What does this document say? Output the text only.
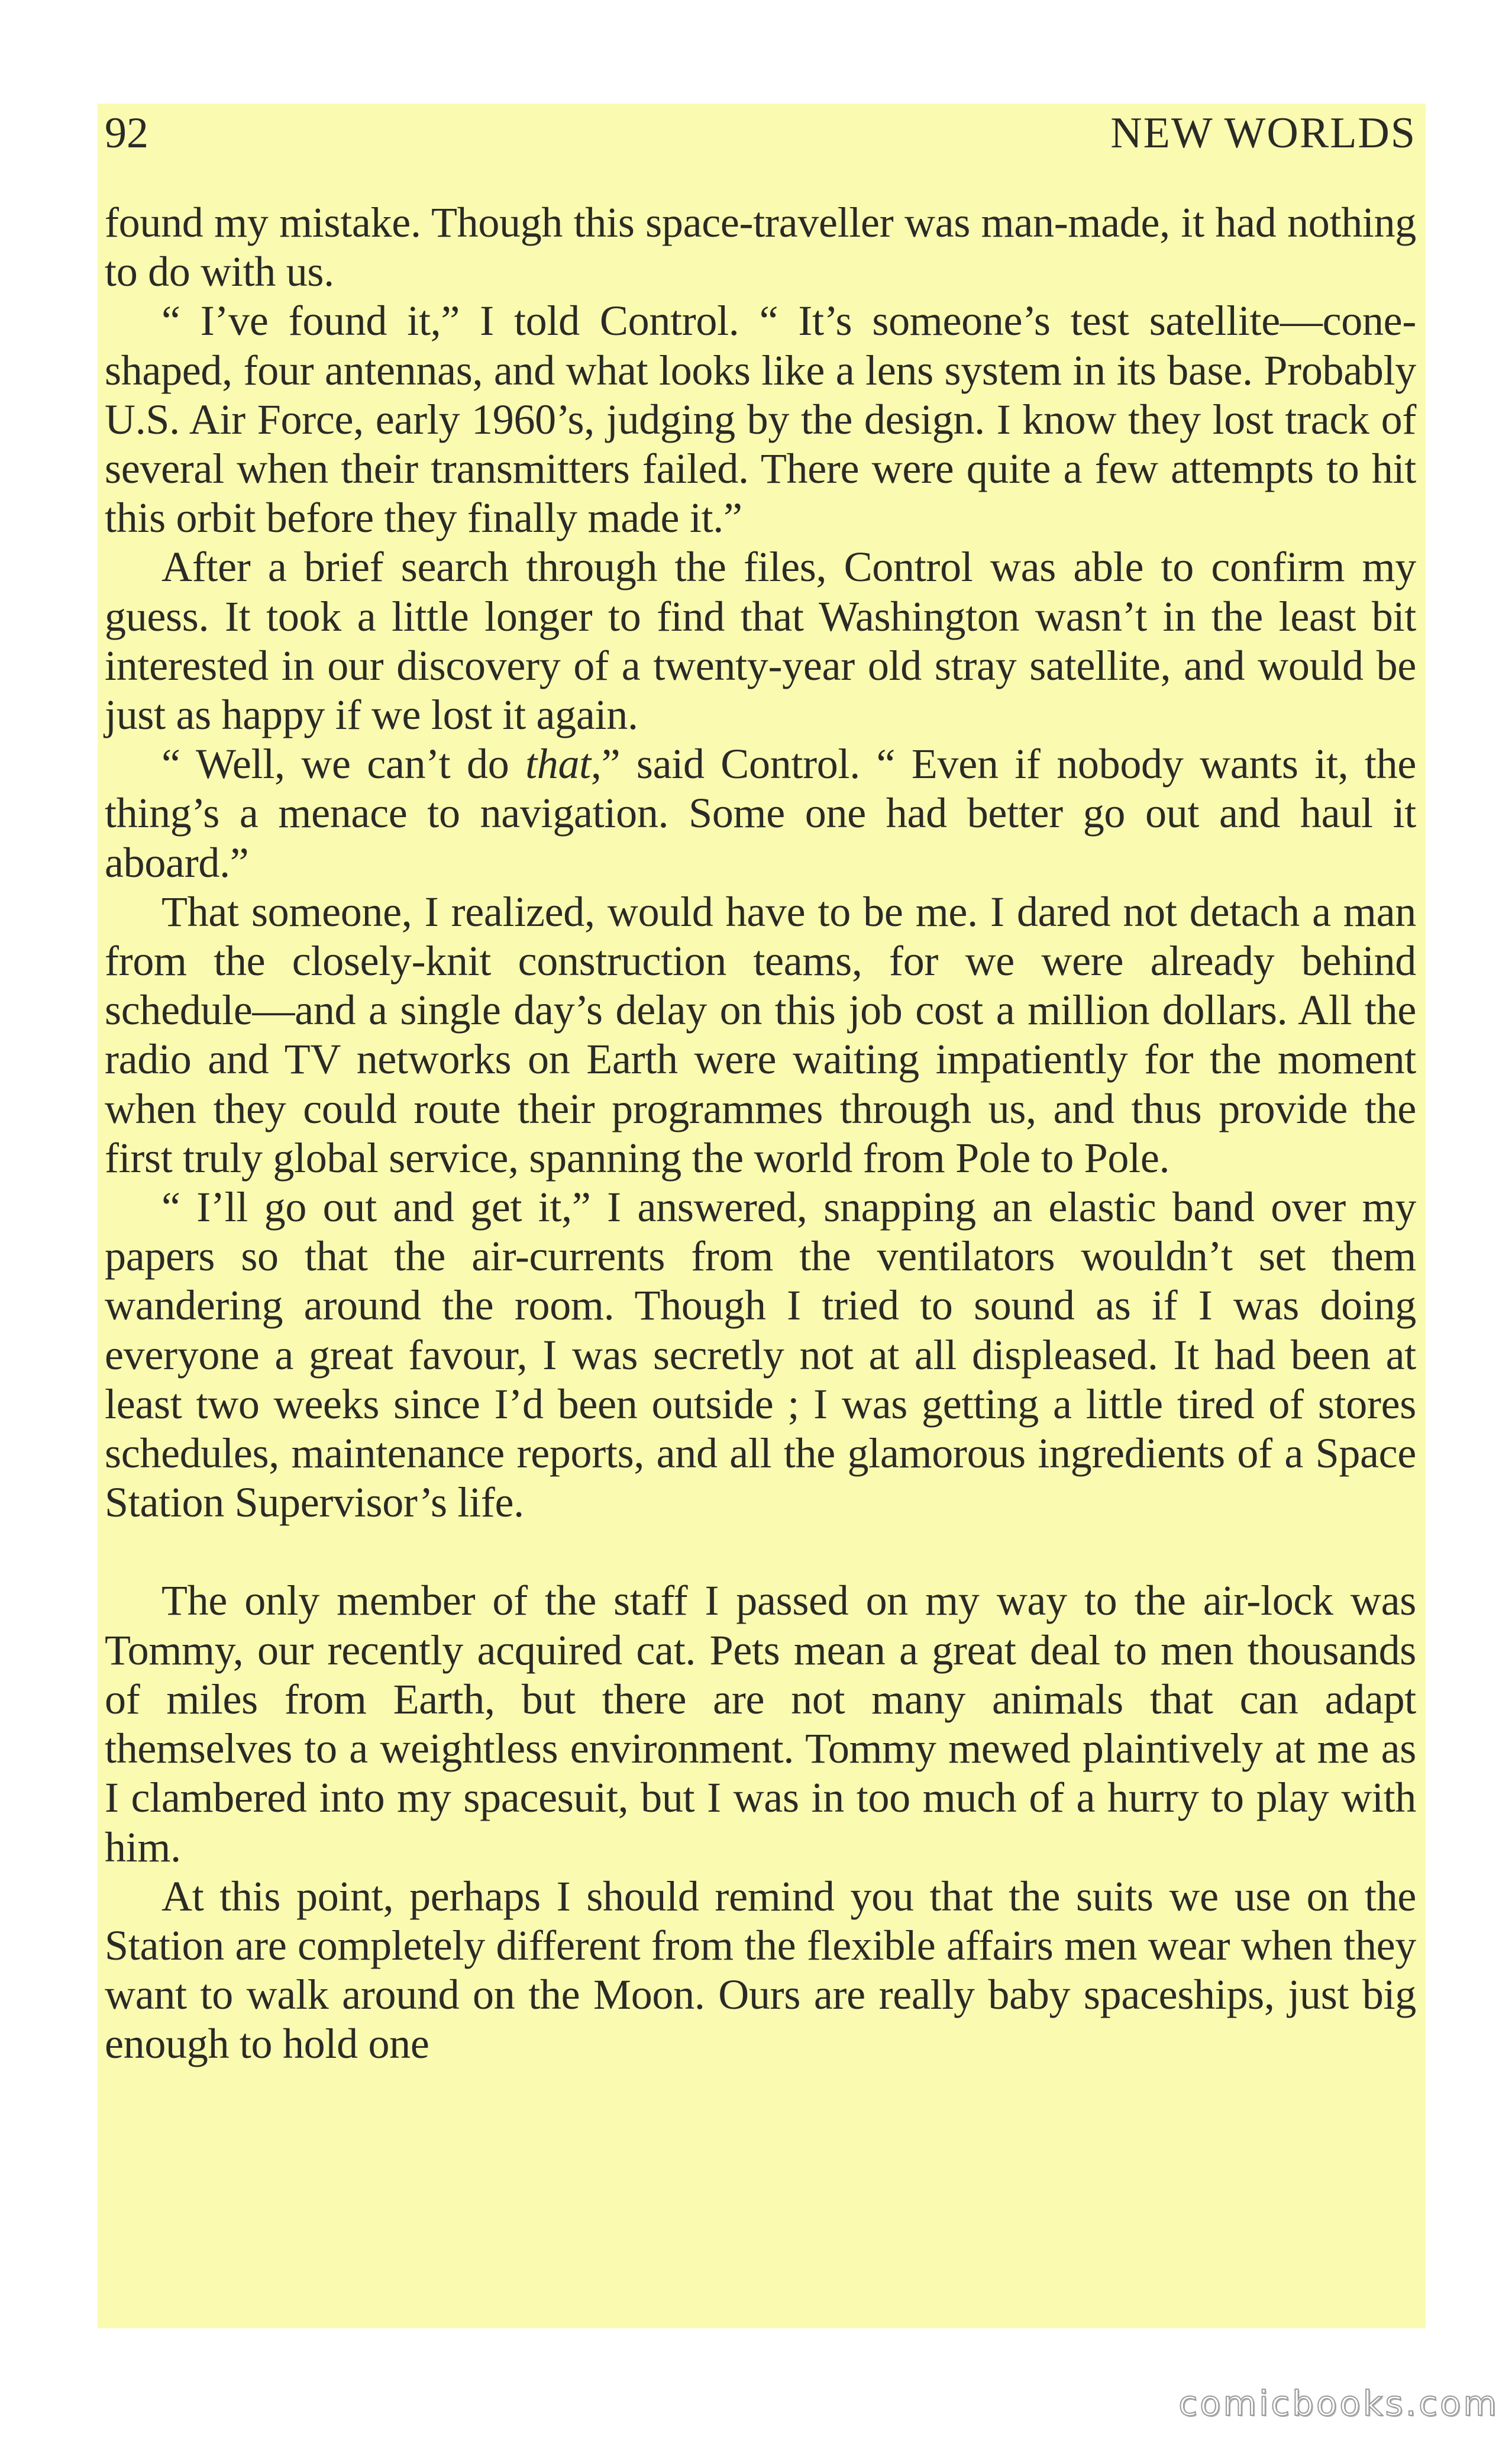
92	NEW WORLDS

found my mistake. Though this space-traveller was man-made, it had nothing to do with us.

“ I’ve found it,” I told Control. “ It’s someone’s test satellite—cone-shaped, four antennas, and what looks like a lens system in its base. Probably U.S. Air Force, early 1960’s, judging by the design. I know they lost track of several when their transmitters failed. There were quite a few attempts to hit this orbit before they finally made it.”

After a brief search through the files, Control was able to confirm my guess. It took a little longer to find that Washington wasn’t in the least bit interested in our discovery of a twenty-year old stray satellite, and would be just as happy if we lost it again.

“ Well, we can’t do that,” said Control. “ Even if nobody wants it, the thing’s a menace to navigation. Some one had better go out and haul it aboard.”

That someone, I realized, would have to be me. I dared not detach a man from the closely-knit construction teams, for we were already behind schedule—and a single day’s delay on this job cost a million dollars. All the radio and TV networks on Earth were waiting impatiently for the moment when they could route their programmes through us, and thus provide the first truly global service, spanning the world from Pole to Pole.

“ I’ll go out and get it,” I answered, snapping an elastic band over my papers so that the air-currents from the ventilators wouldn’t set them wandering around the room. Though I tried to sound as if I was doing everyone a great favour, I was secretly not at all displeased. It had been at least two weeks since I’d been outside ; I was getting a little tired of stores schedules, maintenance reports, and all the glamorous ingredients of a Space Station Supervisor’s life.

The only member of the staff I passed on my way to the air-lock was Tommy, our recently acquired cat. Pets mean a great deal to men thousands of miles from Earth, but there are not many animals that can adapt themselves to a weightless environment. Tommy mewed plaintively at me as I clambered into my spacesuit, but I was in too much of a hurry to play with him.

At this point, perhaps I should remind you that the suits we use on the Station are completely different from the flexible affairs men wear when they want to walk around on the Moon. Ours are really baby spaceships, just big enough to hold one

comicbooks.com
